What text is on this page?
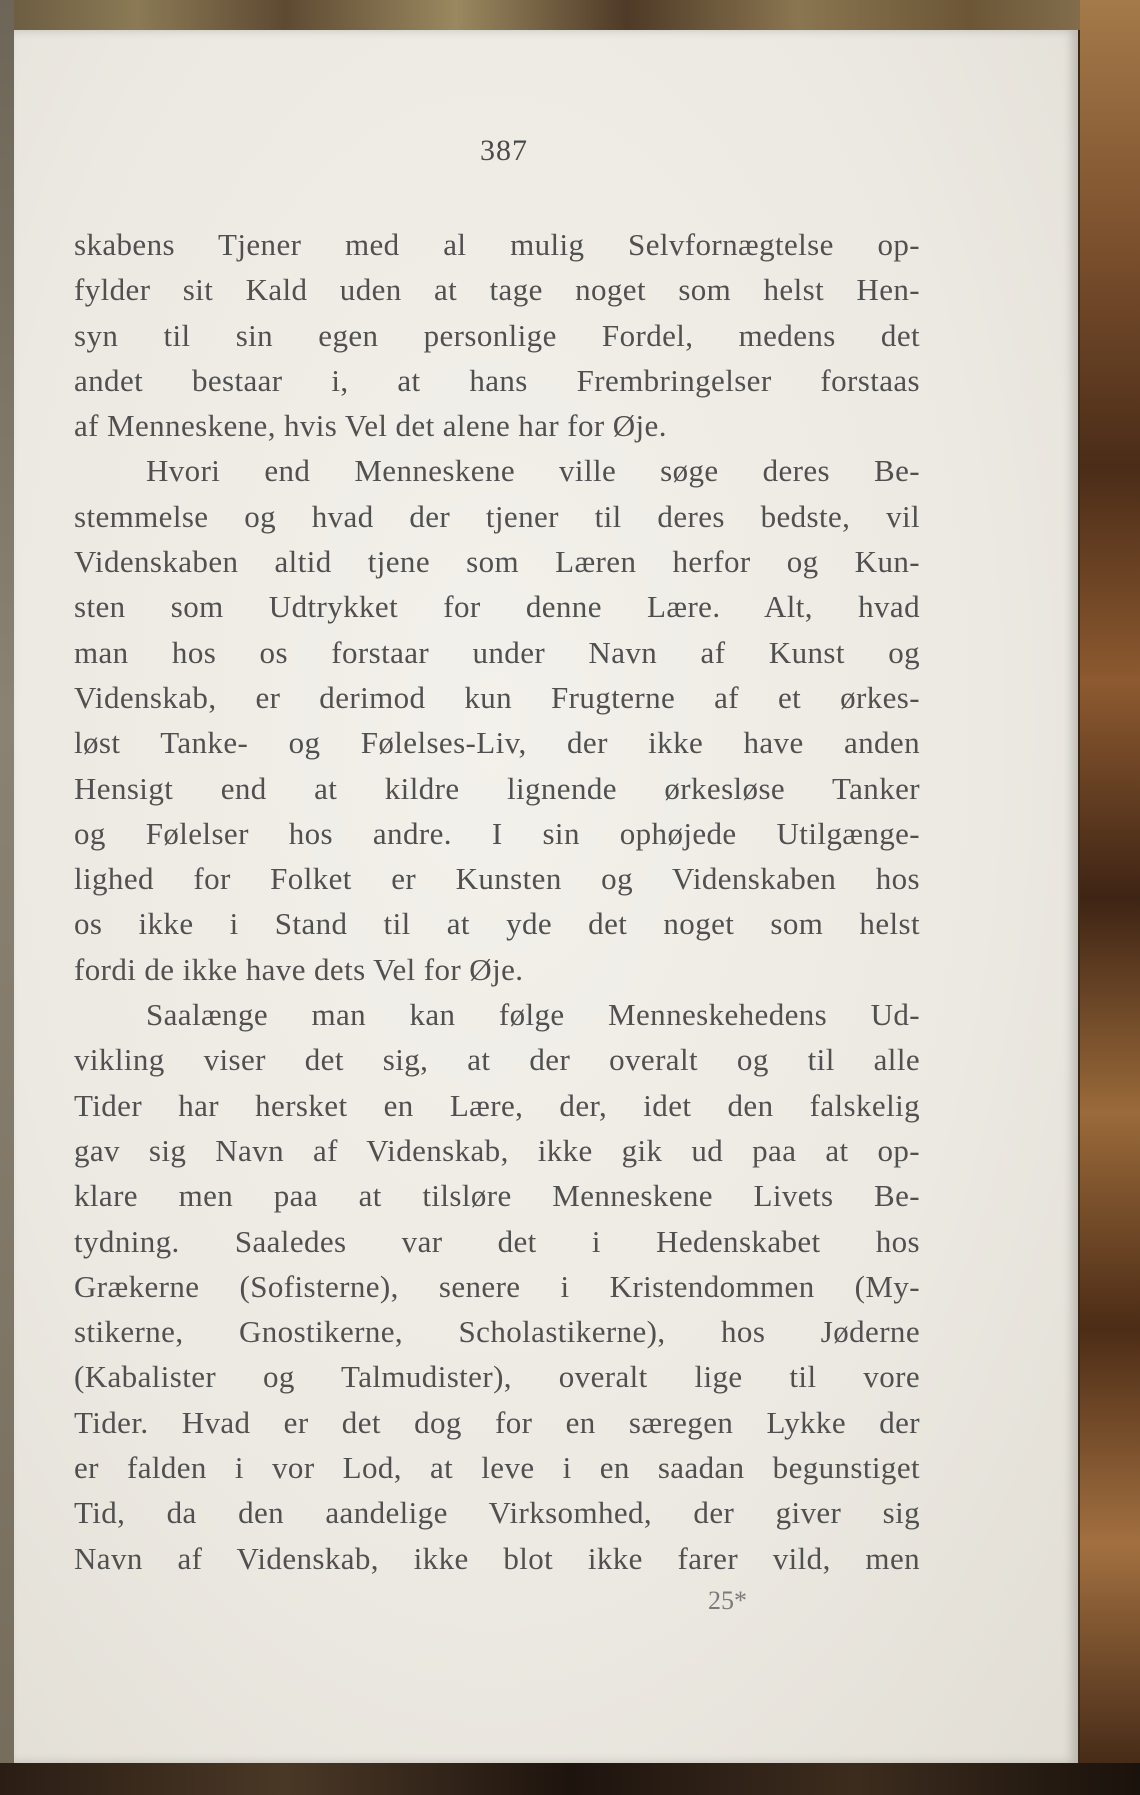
387
skabens Tjener med al mulig Selvfornægtelse op-
fylder sit Kald uden at tage noget som helst Hen-
syn til sin egen personlige Fordel, medens det
andet bestaar i, at hans Frembringelser forstaas
af Menneskene, hvis Vel det alene har for Øje.
Hvori end Menneskene ville søge deres Be-
stemmelse og hvad der tjener til deres bedste, vil
Videnskaben altid tjene som Læren herfor og Kun-
sten som Udtrykket for denne Lære. Alt, hvad
man hos os forstaar under Navn af Kunst og
Videnskab, er derimod kun Frugterne af et ørkes-
løst Tanke- og Følelses-Liv, der ikke have anden
Hensigt end at kildre lignende ørkesløse Tanker
og Følelser hos andre. I sin ophøjede Utilgænge-
lighed for Folket er Kunsten og Videnskaben hos
os ikke i Stand til at yde det noget som helst
fordi de ikke have dets Vel for Øje.
Saalænge man kan følge Menneskehedens Ud-
vikling viser det sig, at der overalt og til alle
Tider har hersket en Lære, der, idet den falskelig
gav sig Navn af Videnskab, ikke gik ud paa at op-
klare men paa at tilsløre Menneskene Livets Be-
tydning. Saaledes var det i Hedenskabet hos
Grækerne (Sofisterne), senere i Kristendommen (My-
stikerne, Gnostikerne, Scholastikerne), hos Jøderne
(Kabalister og Talmudister), overalt lige til vore
Tider. Hvad er det dog for en særegen Lykke der
er falden i vor Lod, at leve i en saadan begunstiget
Tid, da den aandelige Virksomhed, der giver sig
Navn af Videnskab, ikke blot ikke farer vild, men
25*
